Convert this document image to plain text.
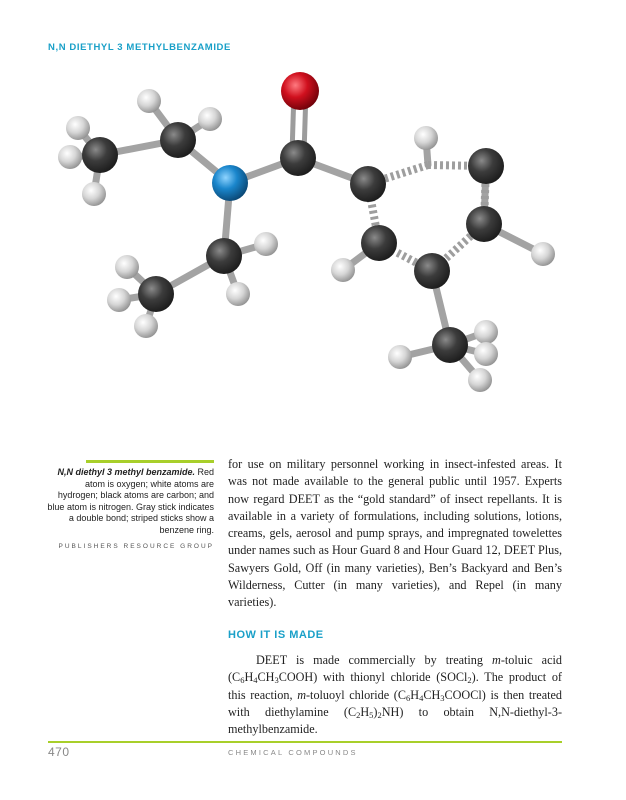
N,N DIETHYL 3 METHYLBENZAMIDE
N,N diethyl 3 methyl benzamide. Red atom is oxygen; white atoms are hydrogen; black atoms are carbon; and blue atom is nitrogen. Gray stick indicates a double bond; striped sticks show a benzene ring.
PUBLISHERS RESOURCE GROUP
for use on military personnel working in insect-infested areas. It was not made available to the general public until 1957. Experts now regard DEET as the “gold standard” of insect repellants. It is available in a variety of formulations, including solutions, lotions, creams, gels, aerosol and pump sprays, and impregnated towelettes under names such as Hour Guard 8 and Hour Guard 12, DEET Plus, Sawyers Gold, Off (in many varieties), Ben’s Backyard and Ben’s Wilderness, Cutter (in many varieties), and Repel (in many varieties).
HOW IT IS MADE
DEET is made commercially by treating m-toluic acid $(C_6H_4CH_3COOH)$ with thionyl chloride (SOCl$_2$). The product of this reaction, m-toluoyl chloride $(C_6H_4CH_3COOCl)$ is then treated with diethylamine $(C_2H_5)_2NH$) to obtain N,N-diethyl-3-methylbenzamide.
470	CHEMICAL COMPOUNDS
